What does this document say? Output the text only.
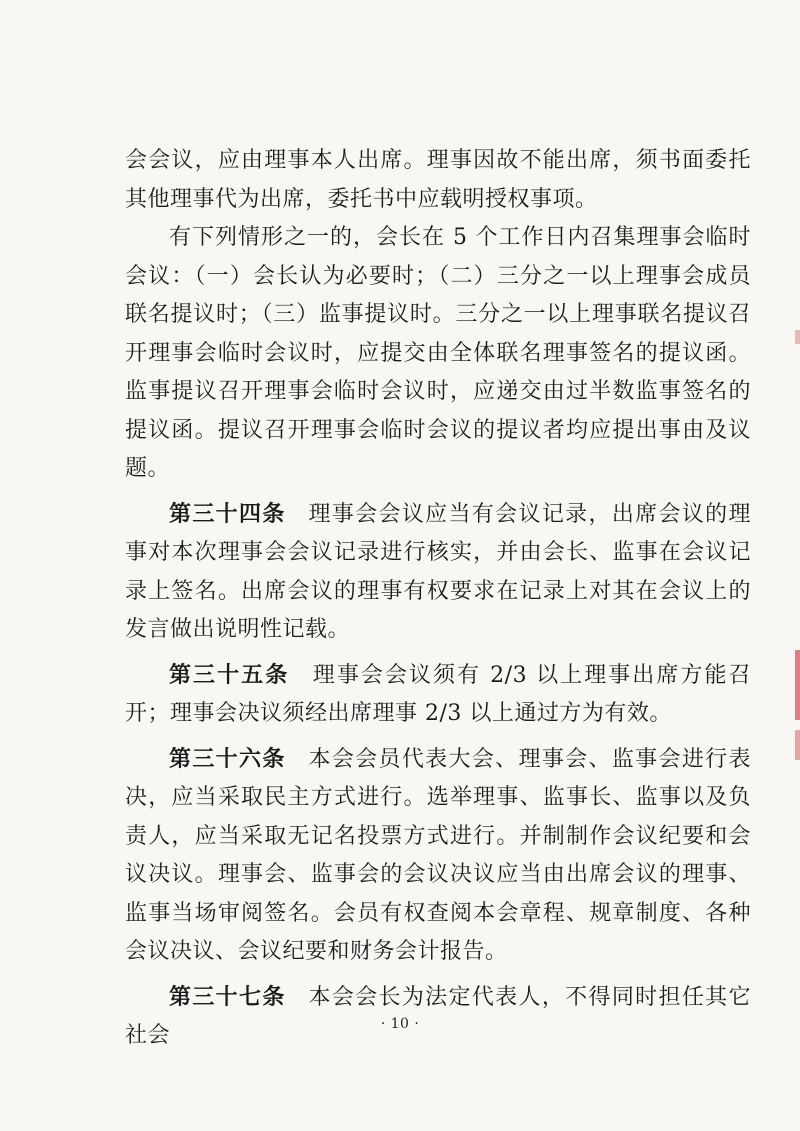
会会议，应由理事本人出席。理事因故不能出席，须书面委托其他理事代为出席，委托书中应载明授权事项。

有下列情形之一的，会长在 5 个工作日内召集理事会临时会议：（一）会长认为必要时；（二）三分之一以上理事会成员联名提议时；（三）监事提议时。三分之一以上理事联名提议召开理事会临时会议时，应提交由全体联名理事签名的提议函。监事提议召开理事会临时会议时，应递交由过半数监事签名的提议函。提议召开理事会临时会议的提议者均应提出事由及议题。

第三十四条 理事会会议应当有会议记录，出席会议的理事对本次理事会会议记录进行核实，并由会长、监事在会议记录上签名。出席会议的理事有权要求在记录上对其在会议上的发言做出说明性记载。

第三十五条 理事会会议须有 2/3 以上理事出席方能召开；理事会决议须经出席理事 2/3 以上通过方为有效。

第三十六条 本会会员代表大会、理事会、监事会进行表决，应当采取民主方式进行。选举理事、监事长、监事以及负责人，应当采取无记名投票方式进行。并制制作会议纪要和会议决议。理事会、监事会的会议决议应当由出席会议的理事、监事当场审阅签名。会员有权查阅本会章程、规章制度、各种会议决议、会议纪要和财务会计报告。

第三十七条 本会会长为法定代表人，不得同时担任其它社会	· 10 ·
